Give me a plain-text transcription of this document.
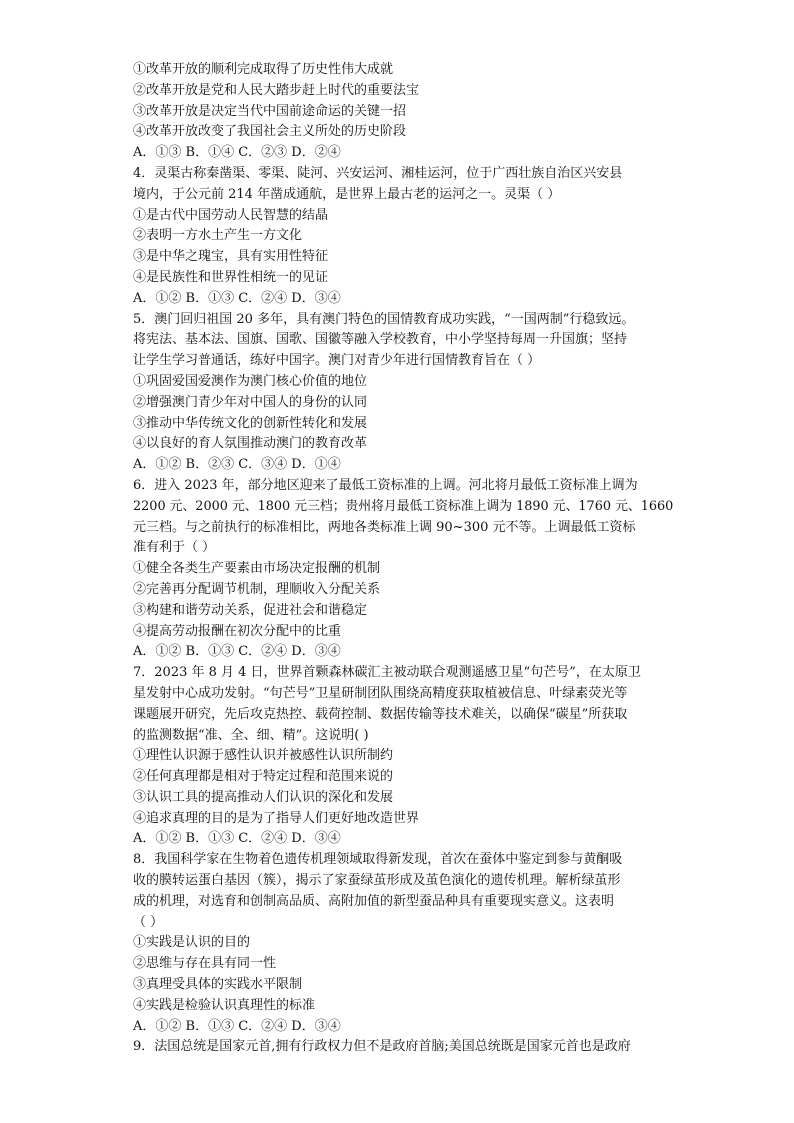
①改革开放的顺利完成取得了历史性伟大成就
②改革开放是党和人民大踏步赶上时代的重要法宝
③改革开放是决定当代中国前途命运的关键一招
④改革开放改变了我国社会主义所处的历史阶段
A．①③ B．①④ C．②③ D．②④
4．灵渠古称秦凿渠、零渠、陡河、兴安运河、湘桂运河，位于广西壮族自治区兴安县
境内，于公元前 214 年凿成通航，是世界上最古老的运河之一。灵渠（ ）
①是古代中国劳动人民智慧的结晶
②表明一方水土产生一方文化
③是中华之瑰宝，具有实用性特征
④是民族性和世界性相统一的见证
A．①② B．①③ C．②④ D．③④
5．澳门回归祖国 20 多年，具有澳门特色的国情教育成功实践，“一国两制”行稳致远。
将宪法、基本法、国旗、国歌、国徽等融入学校教育，中小学坚持每周一升国旗；坚持
让学生学习普通话，练好中国字。澳门对青少年进行国情教育旨在（ ）
①巩固爱国爱澳作为澳门核心价值的地位
②增强澳门青少年对中国人的身份的认同
③推动中华传统文化的创新性转化和发展
④以良好的育人氛围推动澳门的教育改革
A．①② B．②③ C．③④ D．①④
6．进入 2023 年，部分地区迎来了最低工资标准的上调。河北将月最低工资标准上调为
2200 元、2000 元、1800 元三档；贵州将月最低工资标准上调为 1890 元、1760 元、1660
元三档。与之前执行的标准相比，两地各类标准上调 90~300 元不等。上调最低工资标
准有利于（ ）
①健全各类生产要素由市场决定报酬的机制
②完善再分配调节机制，理顺收入分配关系
③构建和谐劳动关系，促进社会和谐稳定
④提高劳动报酬在初次分配中的比重
A．①② B．①③ C．②④ D．③④
7．2023 年 8 月 4 日，世界首颗森林碳汇主被动联合观测遥感卫星“句芒号”，在太原卫
星发射中心成功发射。“句芒号”卫星研制团队围绕高精度获取植被信息、叶绿素荧光等
课题展开研究，先后攻克热控、载荷控制、数据传输等技术难关，以确保“碳星”所获取
的监测数据“准、全、细、精”。这说明( )
①理性认识源于感性认识并被感性认识所制约
②任何真理都是相对于特定过程和范围来说的
③认识工具的提高推动人们认识的深化和发展
④追求真理的目的是为了指导人们更好地改造世界
A．①② B．①③ C．②④ D．③④
8．我国科学家在生物着色遗传机理领域取得新发现，首次在蚕体中鉴定到参与黄酮吸
收的膜转运蛋白基因（簇），揭示了家蚕绿茧形成及茧色演化的遗传机理。解析绿茧形
成的机理，对选育和创制高品质、高附加值的新型蚕品种具有重要现实意义。这表明
（ ）
①实践是认识的目的
②思维与存在具有同一性
③真理受具体的实践水平限制
④实践是检验认识真理性的标准
A．①② B．①③ C．②④ D．③④
9．法国总统是国家元首,拥有行政权力但不是政府首脑;美国总统既是国家元首也是政府
